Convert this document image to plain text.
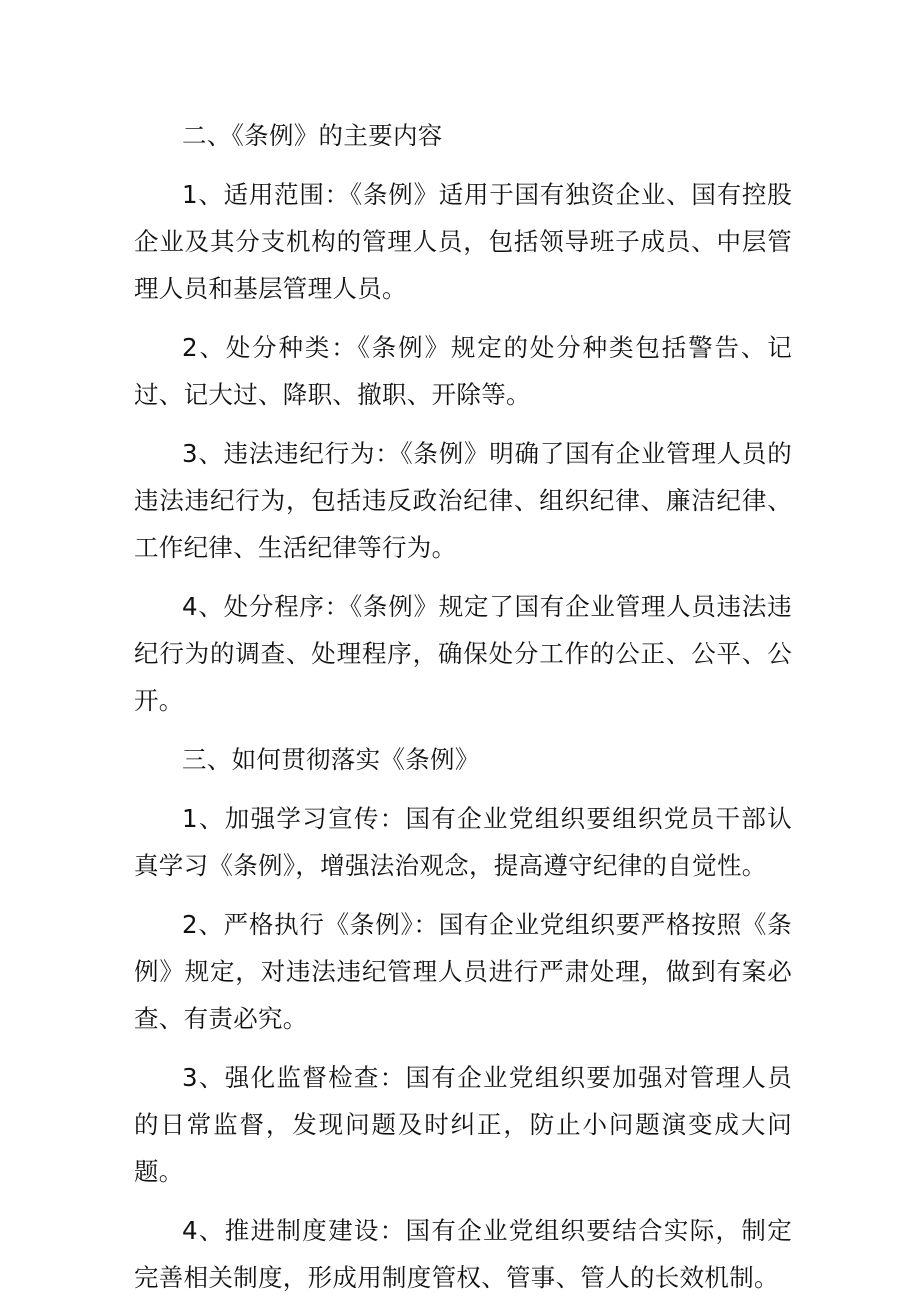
二、《条例》的主要内容

1、适用范围：《条例》适用于国有独资企业、国有控股企业及其分支机构的管理人员，包括领导班子成员、中层管理人员和基层管理人员。

2、处分种类：《条例》规定的处分种类包括警告、记过、记大过、降职、撤职、开除等。

3、违法违纪行为：《条例》明确了国有企业管理人员的违法违纪行为，包括违反政治纪律、组织纪律、廉洁纪律、工作纪律、生活纪律等行为。

4、处分程序：《条例》规定了国有企业管理人员违法违纪行为的调查、处理程序，确保处分工作的公正、公平、公开。

三、如何贯彻落实《条例》

1、加强学习宣传：国有企业党组织要组织党员干部认真学习《条例》，增强法治观念，提高遵守纪律的自觉性。

2、严格执行《条例》：国有企业党组织要严格按照《条例》规定，对违法违纪管理人员进行严肃处理，做到有案必查、有责必究。

3、强化监督检查：国有企业党组织要加强对管理人员的日常监督，发现问题及时纠正，防止小问题演变成大问题。

4、推进制度建设：国有企业党组织要结合实际，制定完善相关制度，形成用制度管权、管事、管人的长效机制。
